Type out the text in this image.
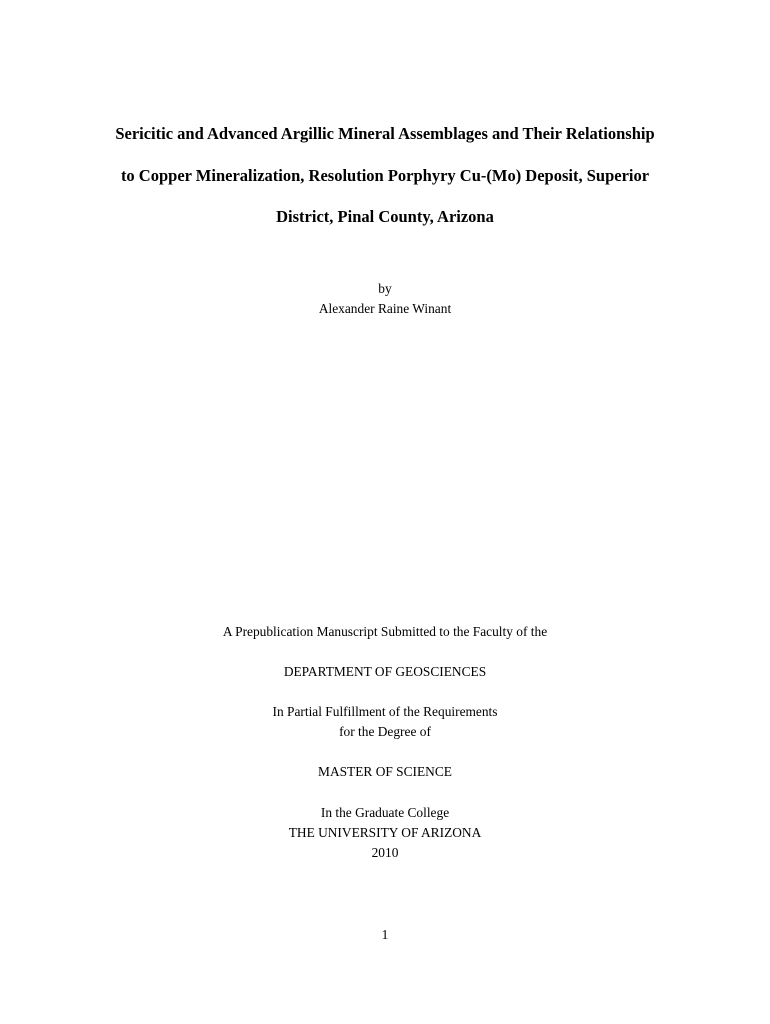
Sericitic and Advanced Argillic Mineral Assemblages and Their Relationship
to Copper Mineralization, Resolution Porphyry Cu-(Mo) Deposit, Superior
District, Pinal County, Arizona
by
Alexander Raine Winant
A Prepublication Manuscript Submitted to the Faculty of the
DEPARTMENT OF GEOSCIENCES
In Partial Fulfillment of the Requirements
for the Degree of
MASTER OF SCIENCE
In the Graduate College
THE UNIVERSITY OF ARIZONA
2010
1
